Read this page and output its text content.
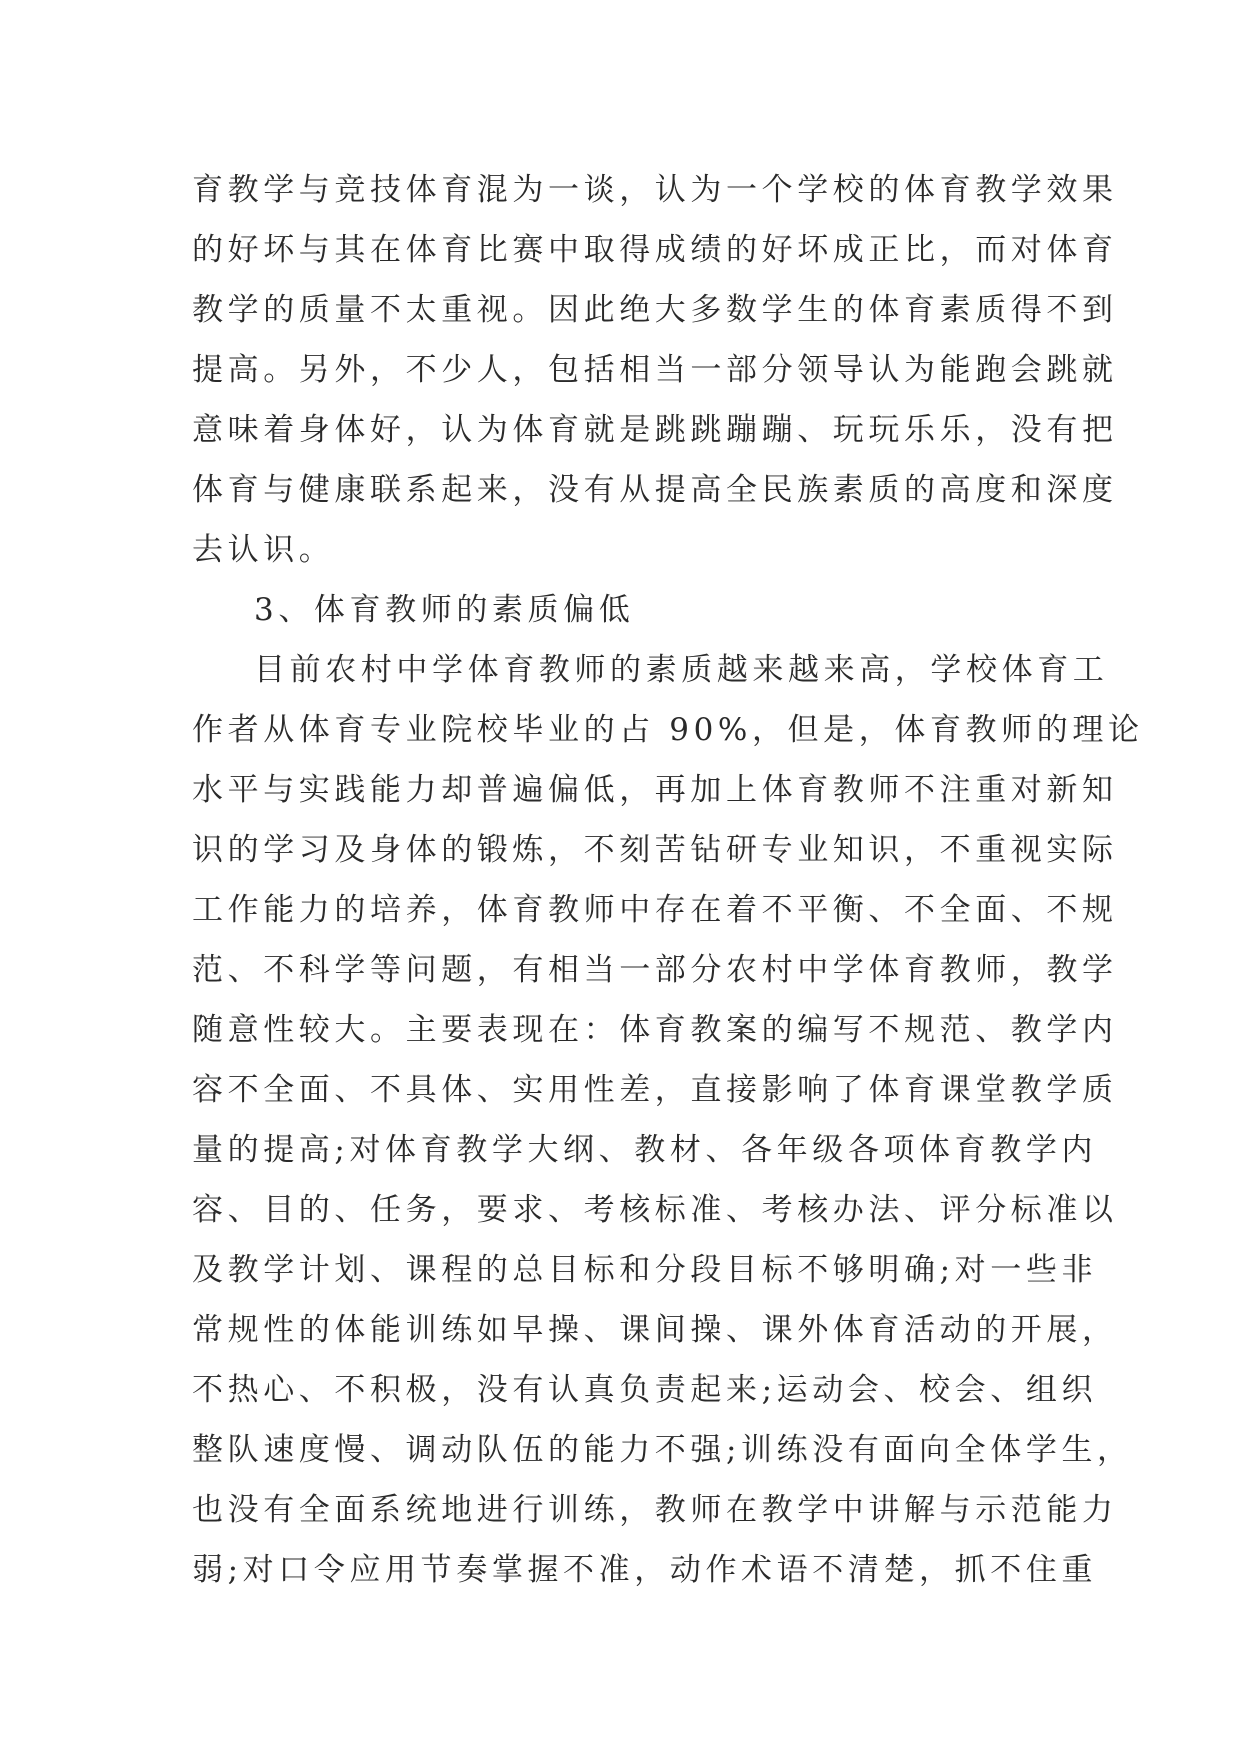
育教学与竞技体育混为一谈，认为一个学校的体育教学效果
的好坏与其在体育比赛中取得成绩的好坏成正比，而对体育
教学的质量不太重视。因此绝大多数学生的体育素质得不到
提高。另外，不少人，包括相当一部分领导认为能跑会跳就
意味着身体好，认为体育就是跳跳蹦蹦、玩玩乐乐，没有把
体育与健康联系起来，没有从提高全民族素质的高度和深度
去认识。
3、体育教师的素质偏低
目前农村中学体育教师的素质越来越来高，学校体育工
作者从体育专业院校毕业的占 90%，但是，体育教师的理论
水平与实践能力却普遍偏低，再加上体育教师不注重对新知
识的学习及身体的锻炼，不刻苦钻研专业知识，不重视实际
工作能力的培养，体育教师中存在着不平衡、不全面、不规
范、不科学等问题，有相当一部分农村中学体育教师，教学
随意性较大。主要表现在：体育教案的编写不规范、教学内
容不全面、不具体、实用性差，直接影响了体育课堂教学质
量的提高;对体育教学大纲、教材、各年级各项体育教学内
容、目的、任务，要求、考核标准、考核办法、评分标准以
及教学计划、课程的总目标和分段目标不够明确;对一些非
常规性的体能训练如早操、课间操、课外体育活动的开展，
不热心、不积极，没有认真负责起来;运动会、校会、组织
整队速度慢、调动队伍的能力不强;训练没有面向全体学生，
也没有全面系统地进行训练，教师在教学中讲解与示范能力
弱;对口令应用节奏掌握不准，动作术语不清楚，抓不住重
